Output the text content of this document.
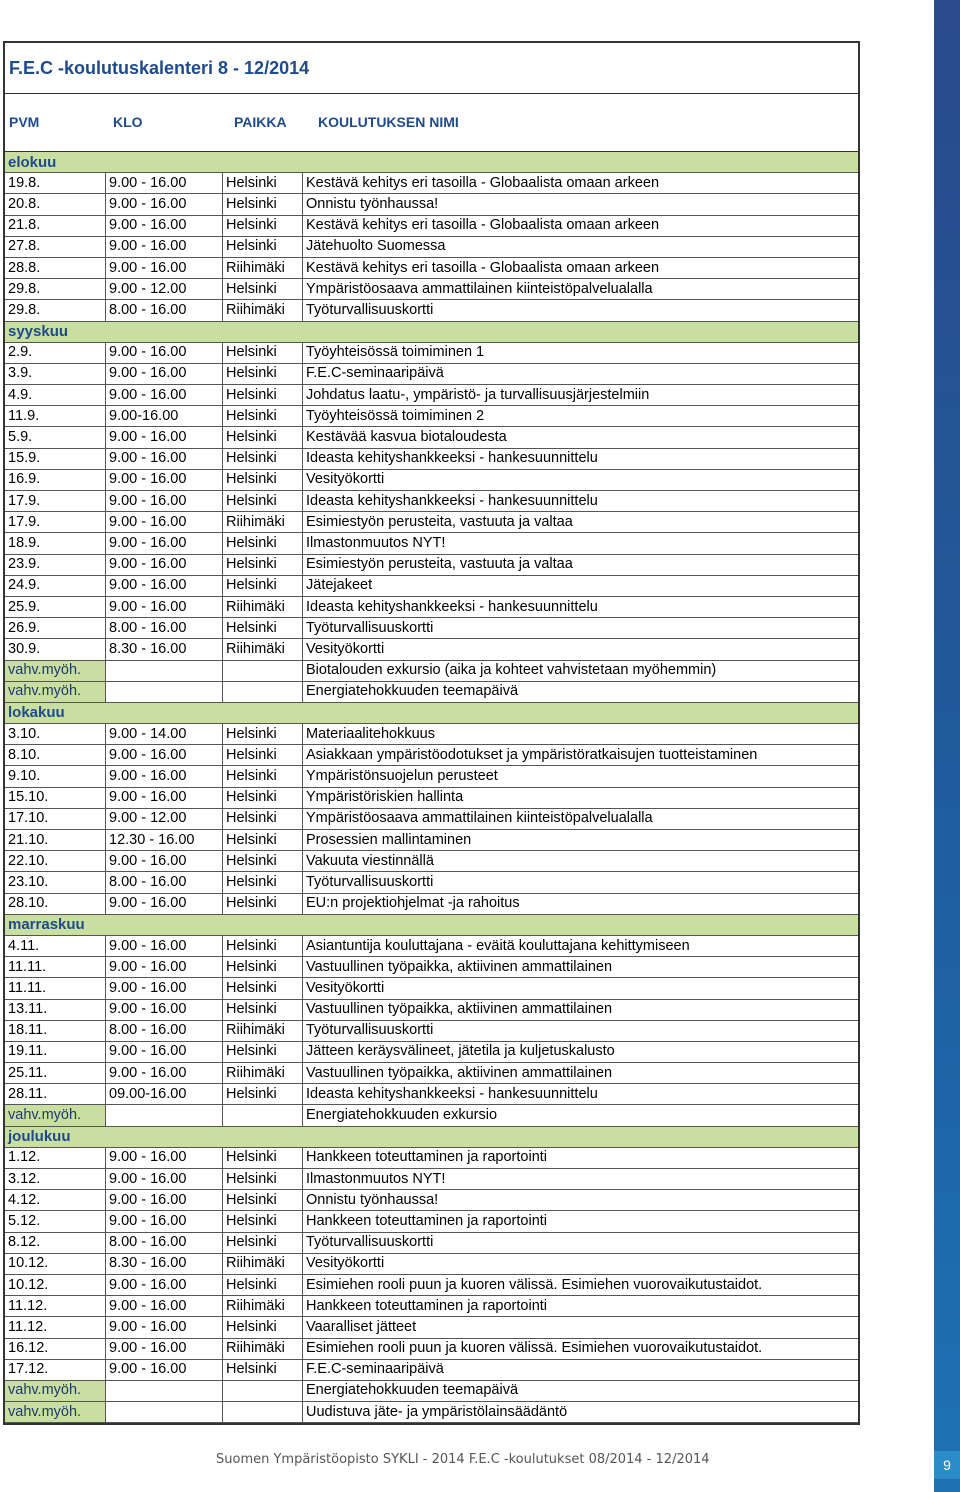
9
Suomen Ympäristöopisto SYKLI - 2014 F.E.C -koulutukset 08/2014 - 12/2014
F.E.C -koulutuskalenteri 8 - 12/2014
PVM	KLO	PAIKKA	KOULUTUKSEN NIMI
elokuu			
19.8.	9.00 - 16.00	Helsinki	Kestävä kehitys eri tasoilla - Globaalista omaan arkeen
20.8.	9.00 - 16.00	Helsinki	Onnistu työnhaussa!
21.8.	9.00 - 16.00	Helsinki	Kestävä kehitys eri tasoilla - Globaalista omaan arkeen
27.8.	9.00 - 16.00	Helsinki	Jätehuolto Suomessa
28.8.	9.00 - 16.00	Riihimäki	Kestävä kehitys eri tasoilla - Globaalista omaan arkeen
29.8.	9.00 - 12.00	Helsinki	Ympäristöosaava ammattilainen kiinteistöpalvelualalla
29.8.	8.00 - 16.00	Riihimäki	Työturvallisuuskortti
syyskuu			
2.9.	9.00 - 16.00	Helsinki	Työyhteisössä toimiminen 1
3.9.	9.00 - 16.00	Helsinki	F.E.C-seminaaripäivä
4.9.	9.00 - 16.00	Helsinki	Johdatus laatu-, ympäristö- ja turvallisuusjärjestelmiin
11.9.	9.00-16.00	Helsinki	Työyhteisössä toimiminen 2
5.9.	9.00 - 16.00	Helsinki	Kestävää kasvua biotaloudesta
15.9.	9.00 - 16.00	Helsinki	Ideasta kehityshankkeeksi - hankesuunnittelu
16.9.	9.00 - 16.00	Helsinki	Vesityökortti
17.9.	9.00 - 16.00	Helsinki	Ideasta kehityshankkeeksi - hankesuunnittelu
17.9.	9.00 - 16.00	Riihimäki	Esimiestyön perusteita, vastuuta ja valtaa
18.9.	9.00 - 16.00	Helsinki	Ilmastonmuutos NYT!
23.9.	9.00 - 16.00	Helsinki	Esimiestyön perusteita, vastuuta ja valtaa
24.9.	9.00 - 16.00	Helsinki	Jätejakeet
25.9.	9.00 - 16.00	Riihimäki	Ideasta kehityshankkeeksi - hankesuunnittelu
26.9.	8.00 - 16.00	Helsinki	Työturvallisuuskortti
30.9.	8.30 - 16.00	Riihimäki	Vesityökortti
vahv.myöh.			Biotalouden exkursio (aika ja kohteet vahvistetaan myöhemmin)
vahv.myöh.			Energiatehokkuuden teemapäivä
lokakuu			
3.10.	9.00 - 14.00	Helsinki	Materiaalitehokkuus
8.10.	9.00 - 16.00	Helsinki	Asiakkaan ympäristöodotukset ja ympäristöratkaisujen tuotteistaminen
9.10.	9.00 - 16.00	Helsinki	Ympäristönsuojelun perusteet
15.10.	9.00 - 16.00	Helsinki	Ympäristöriskien hallinta
17.10.	9.00 - 12.00	Helsinki	Ympäristöosaava ammattilainen kiinteistöpalvelualalla
21.10.	12.30 - 16.00	Helsinki	Prosessien mallintaminen
22.10.	9.00 - 16.00	Helsinki	Vakuuta viestinnällä
23.10.	8.00 - 16.00	Helsinki	Työturvallisuuskortti
28.10.	9.00 - 16.00	Helsinki	EU:n projektiohjelmat -ja rahoitus
marraskuu			
4.11.	9.00 - 16.00	Helsinki	Asiantuntija kouluttajana - eväitä kouluttajana kehittymiseen
11.11.	9.00 - 16.00	Helsinki	Vastuullinen työpaikka, aktiivinen ammattilainen
11.11.	9.00 - 16.00	Helsinki	Vesityökortti
13.11.	9.00 - 16.00	Helsinki	Vastuullinen työpaikka, aktiivinen ammattilainen
18.11.	8.00 - 16.00	Riihimäki	Työturvallisuuskortti
19.11.	9.00 - 16.00	Helsinki	Jätteen keräysvälineet, jätetila ja kuljetuskalusto
25.11.	9.00 - 16.00	Riihimäki	Vastuullinen työpaikka, aktiivinen ammattilainen
28.11.	09.00-16.00	Helsinki	Ideasta kehityshankkeeksi - hankesuunnittelu
vahv.myöh.			Energiatehokkuuden exkursio
joulukuu			
1.12.	9.00 - 16.00	Helsinki	Hankkeen toteuttaminen ja raportointi
3.12.	9.00 - 16.00	Helsinki	Ilmastonmuutos NYT!
4.12.	9.00 - 16.00	Helsinki	Onnistu työnhaussa!
5.12.	9.00 - 16.00	Helsinki	Hankkeen toteuttaminen ja raportointi
8.12.	8.00 - 16.00	Helsinki	Työturvallisuuskortti
10.12.	8.30 - 16.00	Riihimäki	Vesityökortti
10.12.	9.00 - 16.00	Helsinki	Esimiehen rooli puun ja kuoren välissä. Esimiehen vuorovaikutustaidot.
11.12.	9.00 - 16.00	Riihimäki	Hankkeen toteuttaminen ja raportointi
11.12.	9.00 - 16.00	Helsinki	Vaaralliset jätteet
16.12.	9.00 - 16.00	Riihimäki	Esimiehen rooli puun ja kuoren välissä. Esimiehen vuorovaikutustaidot.
17.12.	9.00 - 16.00	Helsinki	F.E.C-seminaaripäivä
vahv.myöh.			Energiatehokkuuden teemapäivä
vahv.myöh.			Uudistuva jäte- ja ympäristölainsäädäntö
